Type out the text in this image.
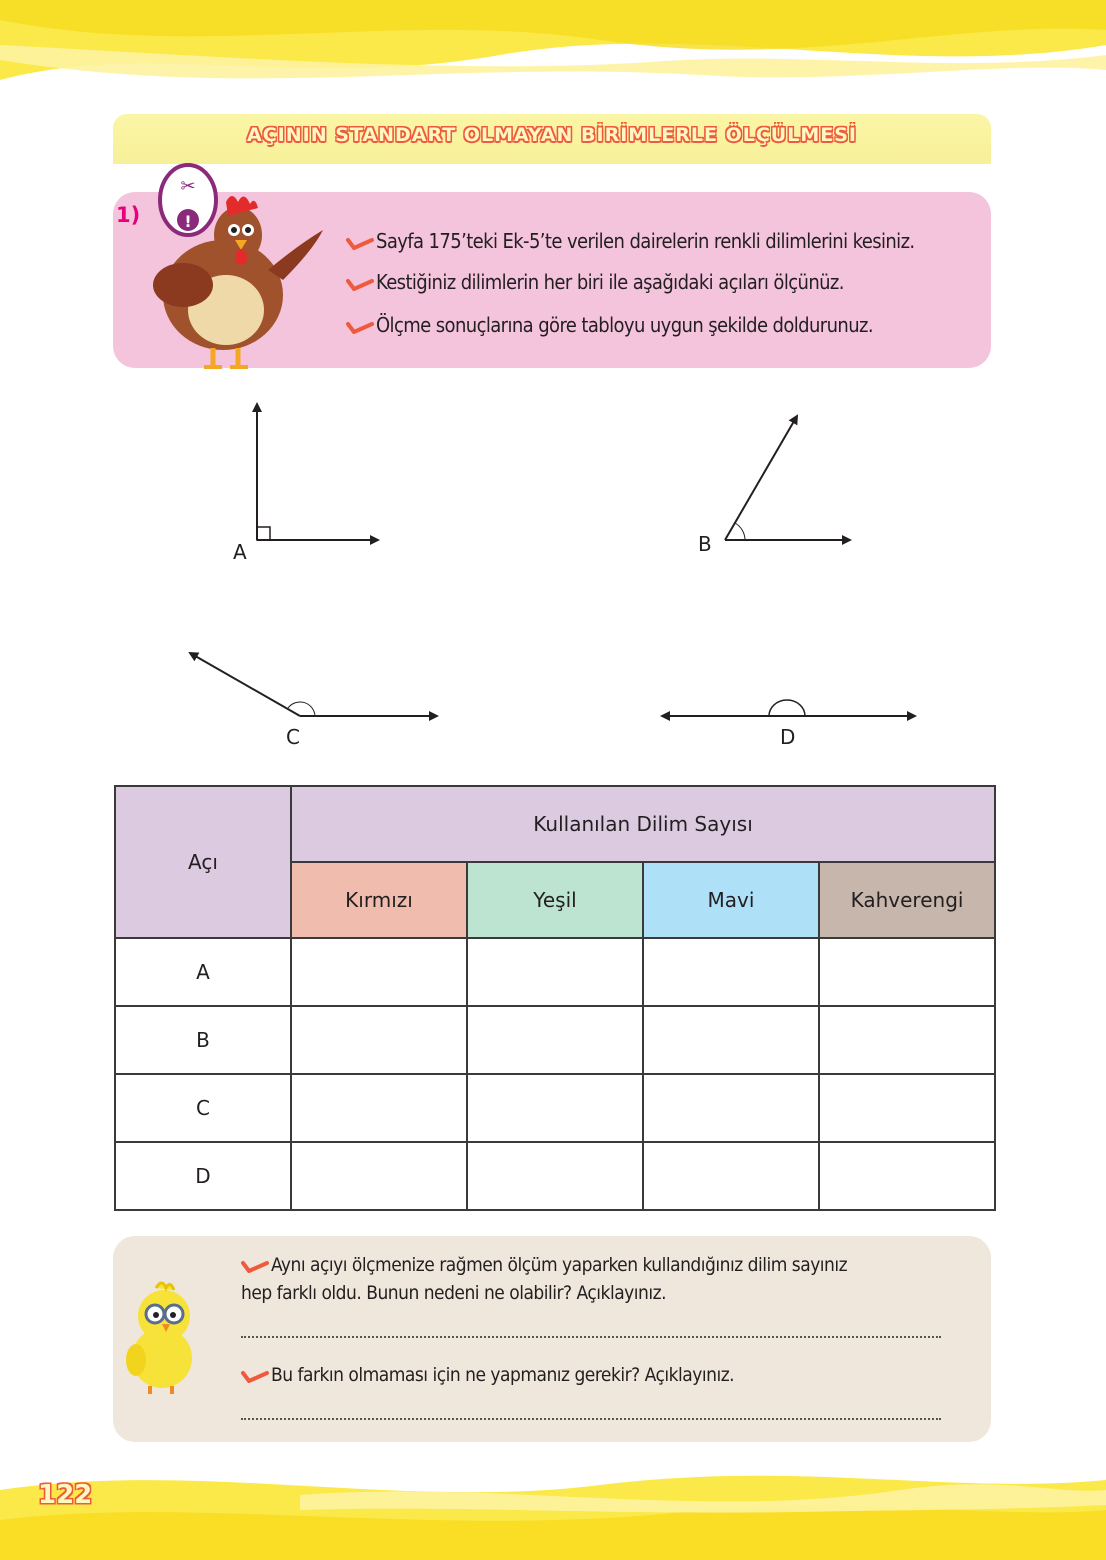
AÇININ STANDART OLMAYAN BİRİMLERLE ÖLÇÜLMESİ
1)
✂
!
Sayfa 175’teki Ek-5’te verilen dairelerin renkli dilimlerini kesiniz.
Kestiğiniz dilimlerin her biri ile aşağıdaki açıları ölçünüz.
Ölçme sonuçlarına göre tabloyu uygun şekilde doldurunuz.
A	B
C	D
Açı	Kullanılan Dilim Sayısı			
	Kırmızı	Yeşil	Mavi	Kahverengi
A				
B				
C				
D				
Aynı açıyı ölçmenize rağmen ölçüm yaparken kullandığınız dilim sayınız
hep farklı oldu. Bunun nedeni ne olabilir? Açıklayınız.
Bu farkın olmaması için ne yapmanız gerekir? Açıklayınız.
122
